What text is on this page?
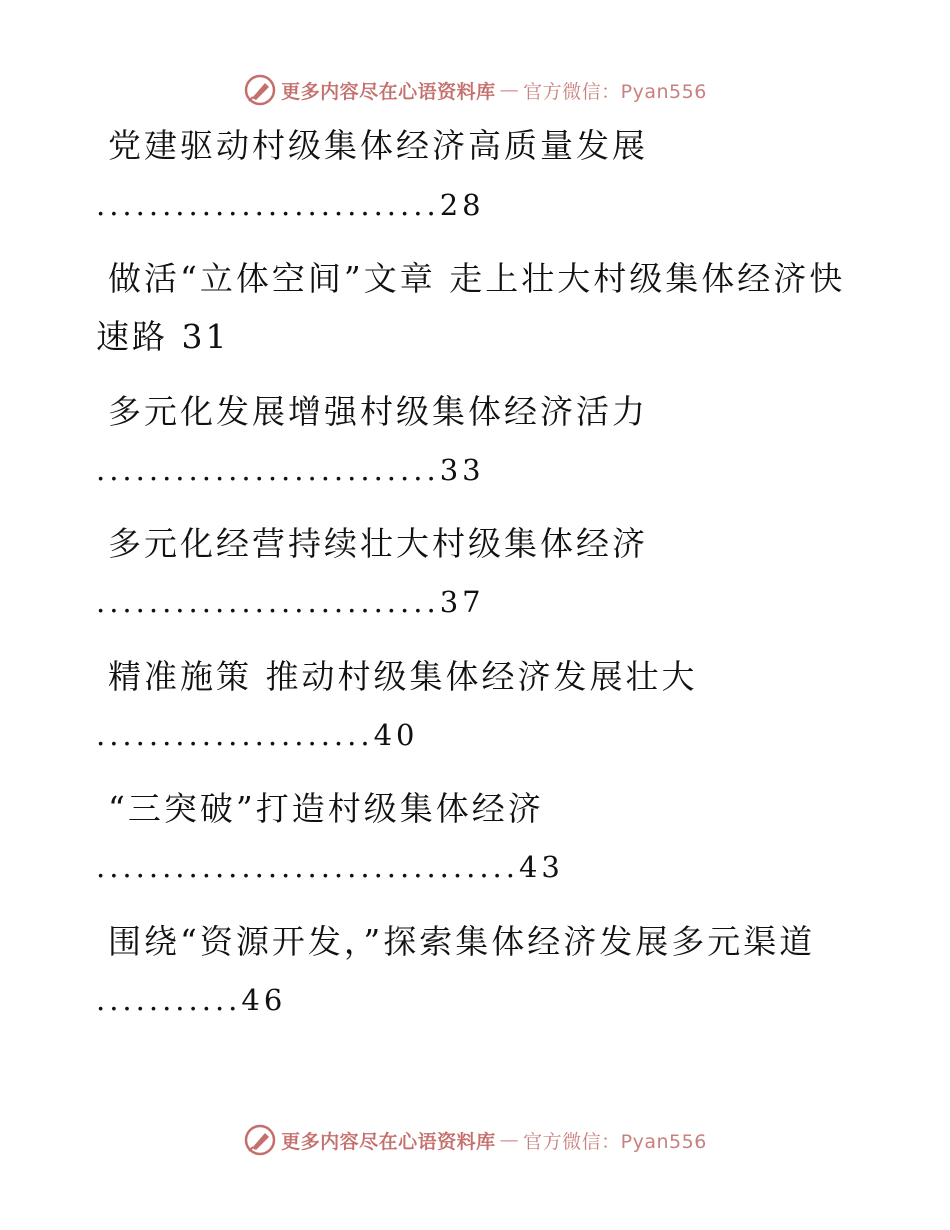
更多内容尽在心语资料库 — 官方微信：Pyan556
党建驱动村级集体经济高质量发展
..........................28
做活“立体空间”文章 走上壮大村级集体经济快
速路 31
多元化发展增强村级集体经济活力
..........................33
多元化经营持续壮大村级集体经济
..........................37
精准施策 推动村级集体经济发展壮大
.....................40
“三突破”打造村级集体经济
................................43
围绕“资源开发，”探索集体经济发展多元渠道
...........46
更多内容尽在心语资料库 — 官方微信：Pyan556
